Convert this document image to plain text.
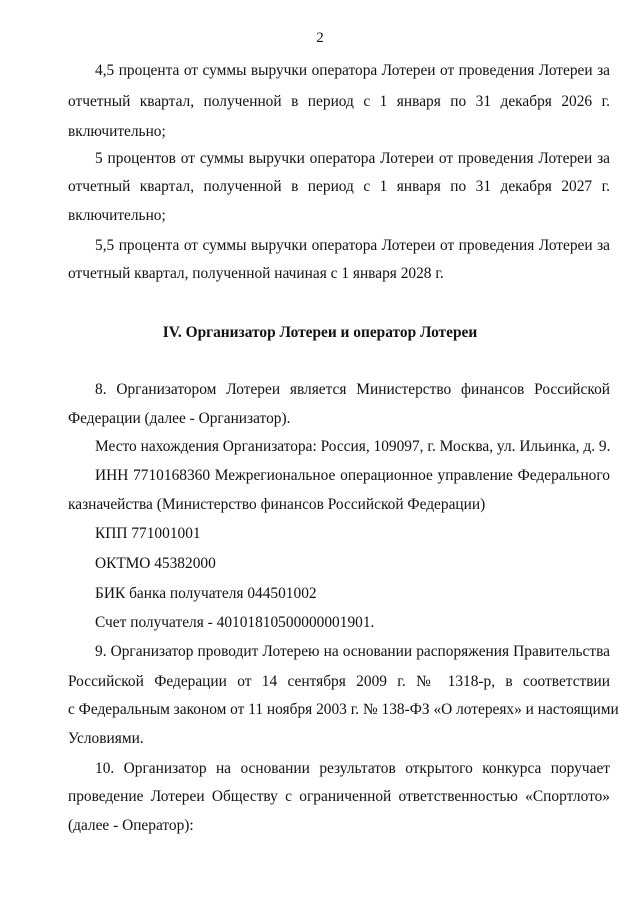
2
4,5 процента от суммы выручки оператора Лотереи от проведения Лотереи за
отчетный квартал, полученной в период с 1 января по 31 декабря 2026 г.
включительно;
5 процентов от суммы выручки оператора Лотереи от проведения Лотереи за
отчетный квартал, полученной в период с 1 января по 31 декабря 2027 г.
включительно;
5,5 процента от суммы выручки оператора Лотереи от проведения Лотереи за
отчетный квартал, полученной начиная с 1 января 2028 г.
IV. Организатор Лотереи и оператор Лотереи
8. Организатором Лотереи является Министерство финансов Российской
Федерации (далее - Организатор).
Место нахождения Организатора: Россия, 109097, г. Москва, ул. Ильинка, д. 9.
ИНН 7710168360 Межрегиональное операционное управление Федерального
казначейства (Министерство финансов Российской Федерации)
КПП 771001001
ОКТМО 45382000
БИК банка получателя 044501002
Счет получателя - 40101810500000001901.
9. Организатор проводит Лотерею на основании распоряжения Правительства
Российской Федерации от 14 сентября 2009 г. № 1318-р, в соответствии
с Федеральным законом от 11 ноября 2003 г. № 138-ФЗ «О лотереях» и настоящими
Условиями.
10. Организатор на основании результатов открытого конкурса поручает
проведение Лотереи Обществу с ограниченной ответственностью «Спортлото»
(далее - Оператор):
